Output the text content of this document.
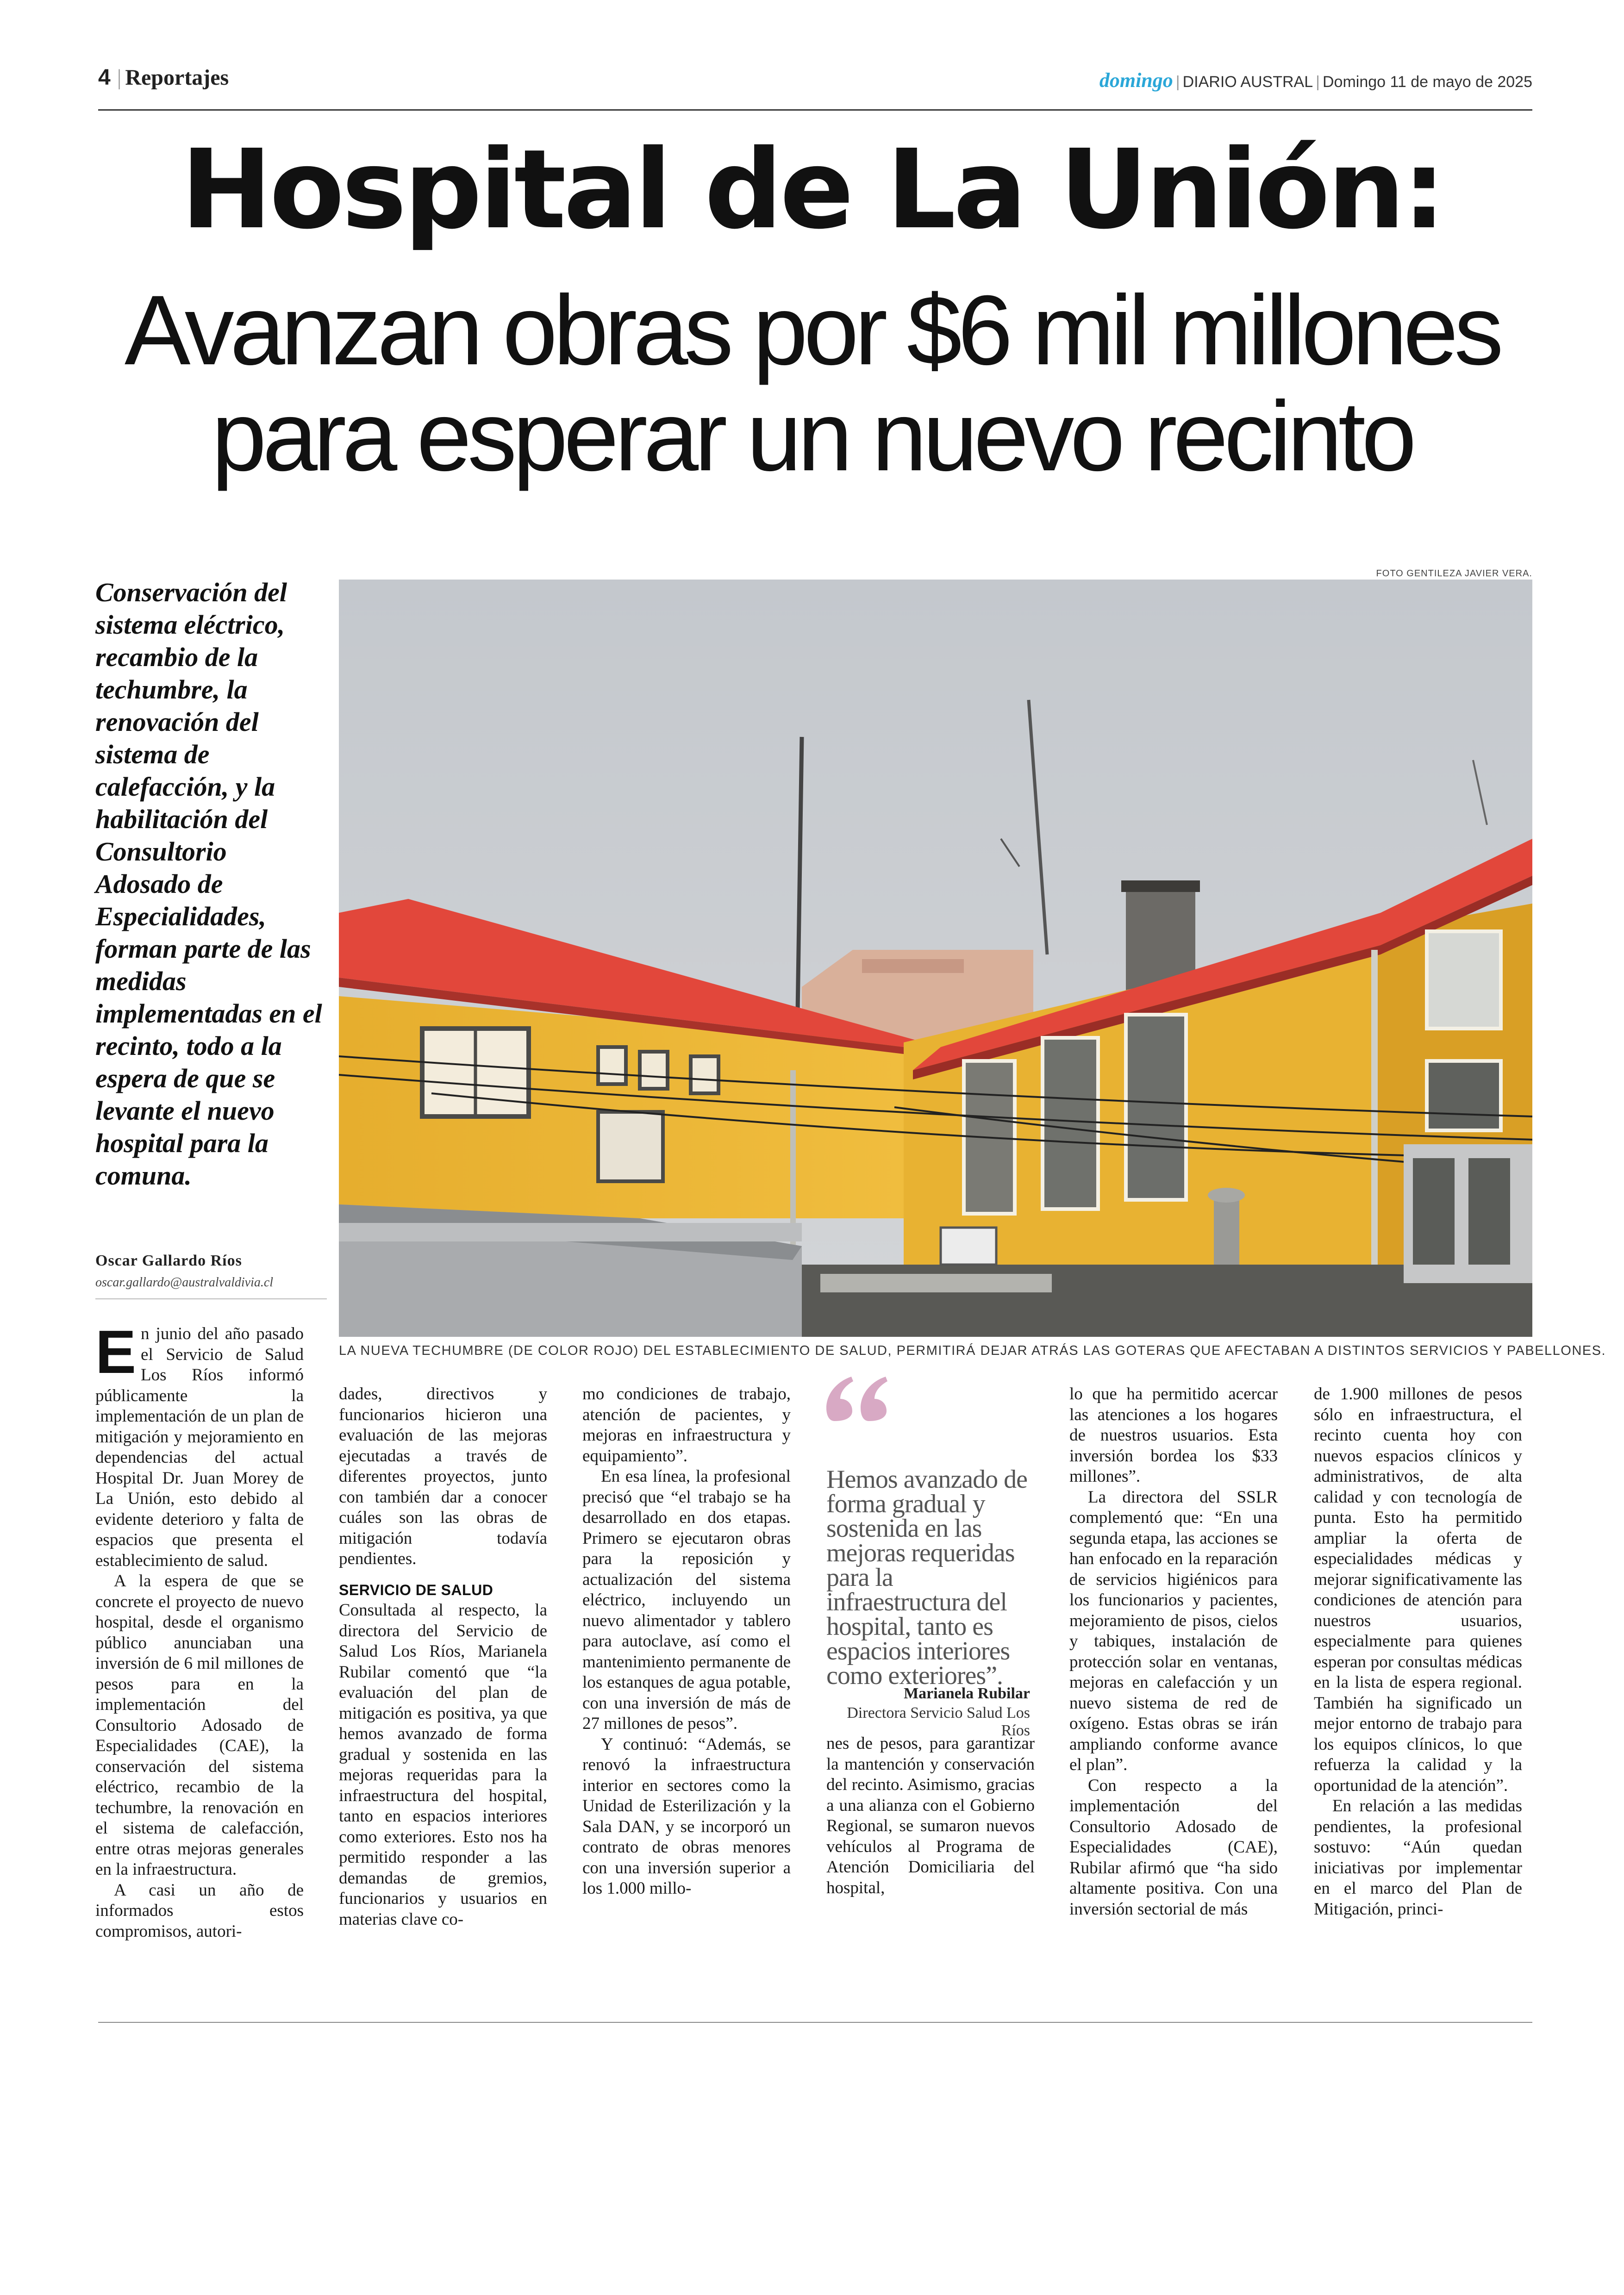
4 | Reportajes	domingo | DIARIO AUSTRAL | Domingo 11 de mayo de 2025
Hospital de La Unión:
Avanzan obras por $6 mil millones
para esperar un nuevo recinto
Conservación del sistema eléctrico, recambio de la techumbre, la renovación del sistema de calefacción, y la habilitación del Consultorio Adosado de Especialidades, forman parte de las medidas implementadas en el recinto, todo a la espera de que se levante el nuevo hospital para la comuna.
Oscar Gallardo Ríos
oscar.gallardo@australvaldivia.cl
FOTO GENTILEZA JAVIER VERA.
LA NUEVA TECHUMBRE (DE COLOR ROJO) DEL ESTABLECIMIENTO DE SALUD, PERMITIRÁ DEJAR ATRÁS LAS GOTERAS QUE AFECTABAN A DISTINTOS SERVICIOS Y PABELLONES.

En junio del año pasado el Servicio de Salud Los Ríos informó públicamente la implementación de un plan de mitigación y mejoramiento en dependencias del actual Hospital Dr. Juan Morey de La Unión, esto debido al evidente deterioro y falta de espacios que presenta el establecimiento de salud.

A la espera de que se concrete el proyecto de nuevo hospital, desde el organismo público anunciaban una inversión de 6 mil millones de pesos para en la implementación del Consultorio Adosado de Especialidades (CAE), la conservación del sistema eléctrico, recambio de la techumbre, la renovación en el sistema de calefacción, entre otras mejoras generales en la infraestructura.

A casi un año de informados estos compromisos, autori-

dades, directivos y funcionarios hicieron una evaluación de las mejoras ejecutadas a través de diferentes proyectos, junto con también dar a conocer cuáles son las obras de mitigación todavía pendientes.

SERVICIO DE SALUD

Consultada al respecto, la directora del Servicio de Salud Los Ríos, Marianela Rubilar comentó que “la evaluación del plan de mitigación es positiva, ya que hemos avanzado de forma gradual y sostenida en las mejoras requeridas para la infraestructura del hospital, tanto en espacios interiores como exteriores. Esto nos ha permitido responder a las demandas de gremios, funcionarios y usuarios en materias clave co-

mo condiciones de trabajo, atención de pacientes, y mejoras en infraestructura y equipamiento”.

En esa línea, la profesional precisó que “el trabajo se ha desarrollado en dos etapas. Primero se ejecutaron obras para la reposición y actualización del sistema eléctrico, incluyendo un nuevo alimentador y tablero para autoclave, así como el mantenimiento permanente de los estanques de agua potable, con una inversión de más de 27 millones de pesos”.

Y continuó: “Además, se renovó la infraestructura interior en sectores como la Unidad de Esterilización y la Sala DAN, y se incorporó un contrato de obras menores con una inversión superior a los 1.000 millo-

Hemos avanzado de forma gradual y sostenida en las mejoras requeridas para la infraestructura del hospital, tanto es espacios interiores como exteriores”.
Marianela Rubilar
Directora Servicio Salud Los Ríos

nes de pesos, para garantizar la mantención y conservación del recinto. Asimismo, gracias a una alianza con el Gobierno Regional, se sumaron nuevos vehículos al Programa de Atención Domiciliaria del hospital,

lo que ha permitido acercar las atenciones a los hogares de nuestros usuarios. Esta inversión bordea los $33 millones”.

La directora del SSLR complementó que: “En una segunda etapa, las acciones se han enfocado en la reparación de servicios higiénicos para los funcionarios y pacientes, mejoramiento de pisos, cielos y tabiques, instalación de protección solar en ventanas, mejoras en calefacción y un nuevo sistema de red de oxígeno. Estas obras se irán ampliando conforme avance el plan”.

Con respecto a la implementación del Consultorio Adosado de Especialidades (CAE), Rubilar afirmó que “ha sido altamente positiva. Con una inversión sectorial de más

de 1.900 millones de pesos sólo en infraestructura, el recinto cuenta hoy con nuevos espacios clínicos y administrativos, de alta calidad y con tecnología de punta. Esto ha permitido ampliar la oferta de especialidades médicas y mejorar significativamente las condiciones de atención para nuestros usuarios, especialmente para quienes esperan por consultas médicas en la lista de espera regional. También ha significado un mejor entorno de trabajo para los equipos clínicos, lo que refuerza la calidad y la oportunidad de la atención”.

En relación a las medidas pendientes, la profesional sostuvo: “Aún quedan iniciativas por implementar en el marco del Plan de Mitigación, princi-
